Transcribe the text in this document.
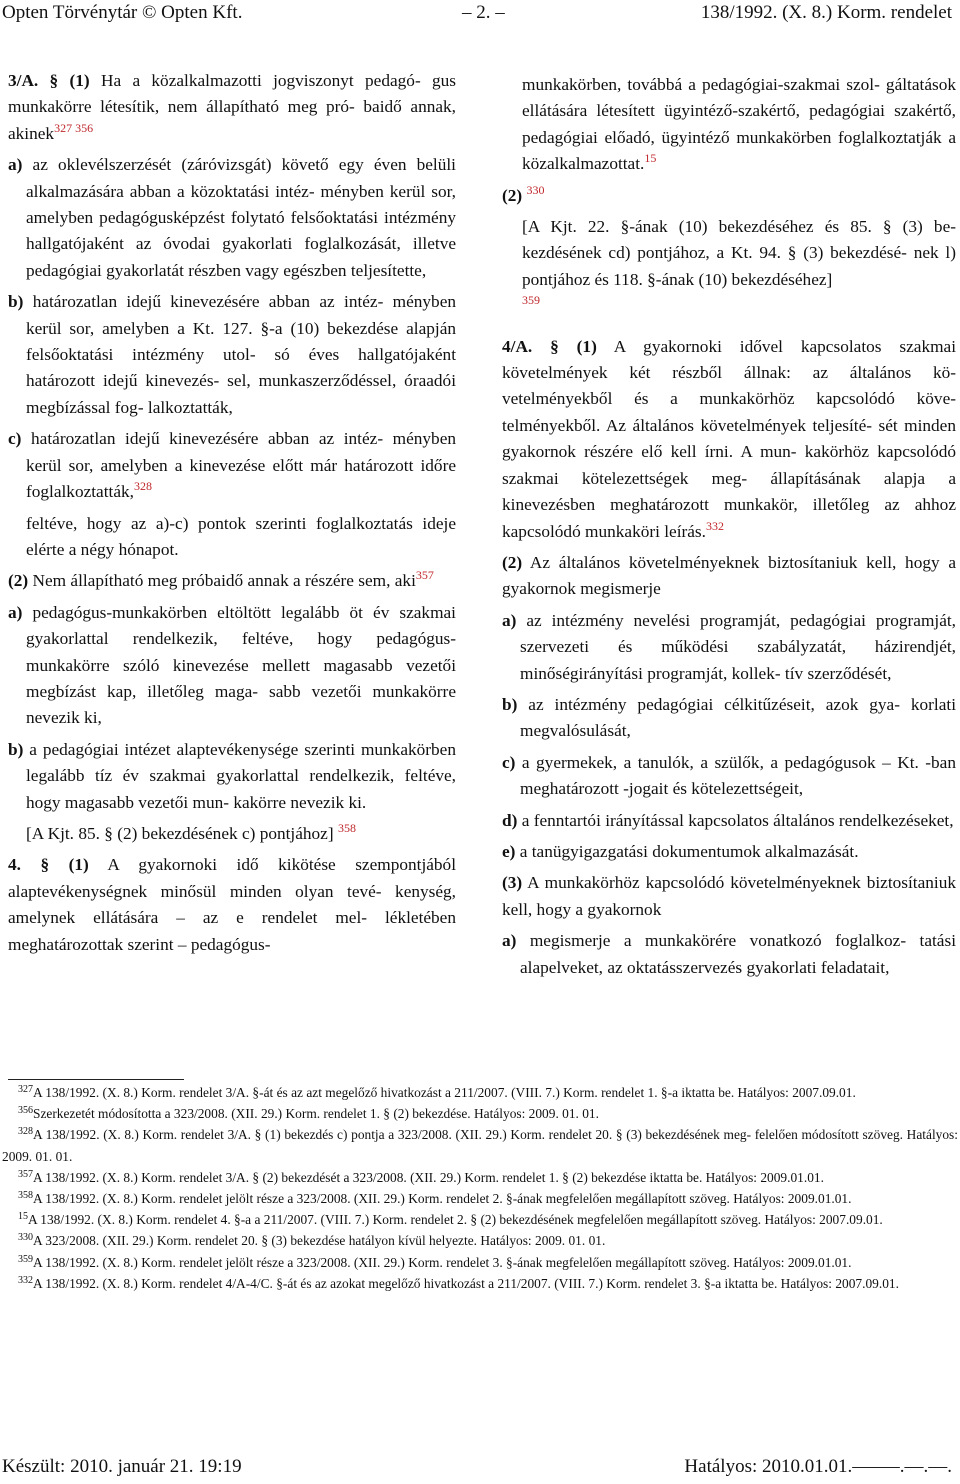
Opten Törvénytár © Opten Kft.	– 2. –	138/1992. (X. 8.) Korm. rendelet

3/A. § (1) Ha a közalkalmazotti jogviszonyt pedagó- gus munkakörre létesítik, nem állapítható meg pró- baidő annak, akinek$^{327 356}$

a) az oklevélszerzését (záróvizsgát) követő egy éven belüli alkalmazására abban a közoktatási intéz- ményben kerül sor, amelyben pedagógusképzést folytató felsőoktatási intézmény hallgatójaként az óvodai gyakorlati foglalkozását, illetve pedagógiai gyakorlatát részben vagy egészben teljesítette,

b) határozatlan idejű kinevezésére abban az intéz- ményben kerül sor, amelyben a Kt. 127. §-a (10) bekezdése alapján felsőoktatási intézmény utol- só éves hallgatójaként határozott idejű kinevezés- sel, munkaszerződéssel, óraadói megbízással fog- lalkoztatták,

c) határozatlan idejű kinevezésére abban az intéz- ményben kerül sor, amelyben a kinevezése előtt már határozott időre foglalkoztatták,$^{328}$

feltéve, hogy az a)-c) pontok szerinti foglalkoztatás ideje elérte a négy hónapot.

(2) Nem állapítható meg próbaidő annak a részére sem, aki$^{357}$

a) pedagógus-munkakörben eltöltött legalább öt év szakmai gyakorlattal rendelkezik, feltéve, hogy pedagógus-munkakörre szóló kinevezése mellett magasabb vezetői megbízást kap, illetőleg maga- sabb vezetői munkakörre nevezik ki,

b) a pedagógiai intézet alaptevékenysége szerinti munkakörben legalább tíz év szakmai gyakorlattal rendelkezik, feltéve, hogy magasabb vezetői mun- kakörre nevezik ki.

[A Kjt. 85. § (2) bekezdésének c) pontjához] $^{358}$

4. § (1) A gyakornoki idő kikötése szempontjából alaptevékenységnek minősül minden olyan tevé- kenység, amelynek ellátására – az e rendelet mel- lékletében meghatározottak szerint – pedagógus-

munkakörben, továbbá a pedagógiai-szakmai szol- gáltatások ellátására létesített ügyintéző-szakértő, pedagógiai szakértő, pedagógiai előadó, ügyintéző munkakörben foglalkoztatják a közalkalmazottat.$^{15}$

(2) $^{330}$

[A Kjt. 22. §-ának (10) bekezdéséhez és 85. § (3) be- kezdésének cd) pontjához, a Kt. 94. § (3) bekezdésé- nek l) pontjához és 118. §-ának (10) bekezdéséhez]
$^{359}$

4/A. § (1) A gyakornoki idővel kapcsolatos szakmai követelmények két részből állnak: az általános kö- vetelményekből és a munkakörhöz kapcsolódó köve- telményekből. Az általános követelmények teljesíté- sét minden gyakornok részére elő kell írni. A mun- kakörhöz kapcsolódó szakmai kötelezettségek meg- állapításának alapja a kinevezésben meghatározott munkakör, illetőleg az ahhoz kapcsolódó munkaköri leírás.$^{332}$

(2) Az általános követelményeknek biztosítaniuk kell, hogy a gyakornok megismerje

a) az intézmény nevelési programját, pedagógiai programját, szervezeti és működési szabályzatát, házirendjét, minőségirányítási programját, kollek- tív szerződését,

b) az intézmény pedagógiai célkitűzéseit, azok gya- korlati megvalósulását,

c) a gyermekek, a tanulók, a szülők, a pedagógusok – Kt. -ban meghatározott -jogait és kötelezettségeit,

d) a fenntartói irányítással kapcsolatos általános rendelkezéseket,

e) a tanügyigazgatási dokumentumok alkalmazását.

(3) A munkakörhöz kapcsolódó követelményeknek biztosítaniuk kell, hogy a gyakornok

a) megismerje a munkakörére vonatkozó foglalkoz- tatási alapelveket, az oktatásszervezés gyakorlati feladatait,

$^{327}$A 138/1992. (X. 8.) Korm. rendelet 3/A. §-át és az azt megelőző hivatkozást a 211/2007. (VIII. 7.) Korm. rendelet 1. §-a iktatta be. Hatályos: 2007.09.01.

$^{356}$Szerkezetét módosította a 323/2008. (XII. 29.) Korm. rendelet 1. § (2) bekezdése. Hatályos: 2009. 01. 01.

$^{328}$A 138/1992. (X. 8.) Korm. rendelet 3/A. § (1) bekezdés c) pontja a 323/2008. (XII. 29.) Korm. rendelet 20. § (3) bekezdésének meg- felelően módosított szöveg. Hatályos: 2009. 01. 01.

$^{357}$A 138/1992. (X. 8.) Korm. rendelet 3/A. § (2) bekezdését a 323/2008. (XII. 29.) Korm. rendelet 1. § (2) bekezdése iktatta be. Hatályos: 2009.01.01.

$^{358}$A 138/1992. (X. 8.) Korm. rendelet jelölt része a 323/2008. (XII. 29.) Korm. rendelet 2. §-ának megfelelően megállapított szöveg. Hatályos: 2009.01.01.

$^{15}$A 138/1992. (X. 8.) Korm. rendelet 4. §-a a 211/2007. (VIII. 7.) Korm. rendelet 2. § (2) bekezdésének megfelelően megállapított szöveg. Hatályos: 2007.09.01.

$^{330}$A 323/2008. (XII. 29.) Korm. rendelet 20. § (3) bekezdése hatályon kívül helyezte. Hatályos: 2009. 01. 01.

$^{359}$A 138/1992. (X. 8.) Korm. rendelet jelölt része a 323/2008. (XII. 29.) Korm. rendelet 3. §-ának megfelelően megállapított szöveg. Hatályos: 2009.01.01.

$^{332}$A 138/1992. (X. 8.) Korm. rendelet 4/A-4/C. §-át és az azokat megelőző hivatkozást a 211/2007. (VIII. 7.) Korm. rendelet 3. §-a iktatta be. Hatályos: 2007.09.01.

Készült: 2010. január 21. 19:19	Hatályos: 2010.01.01.–––––.––.––.
